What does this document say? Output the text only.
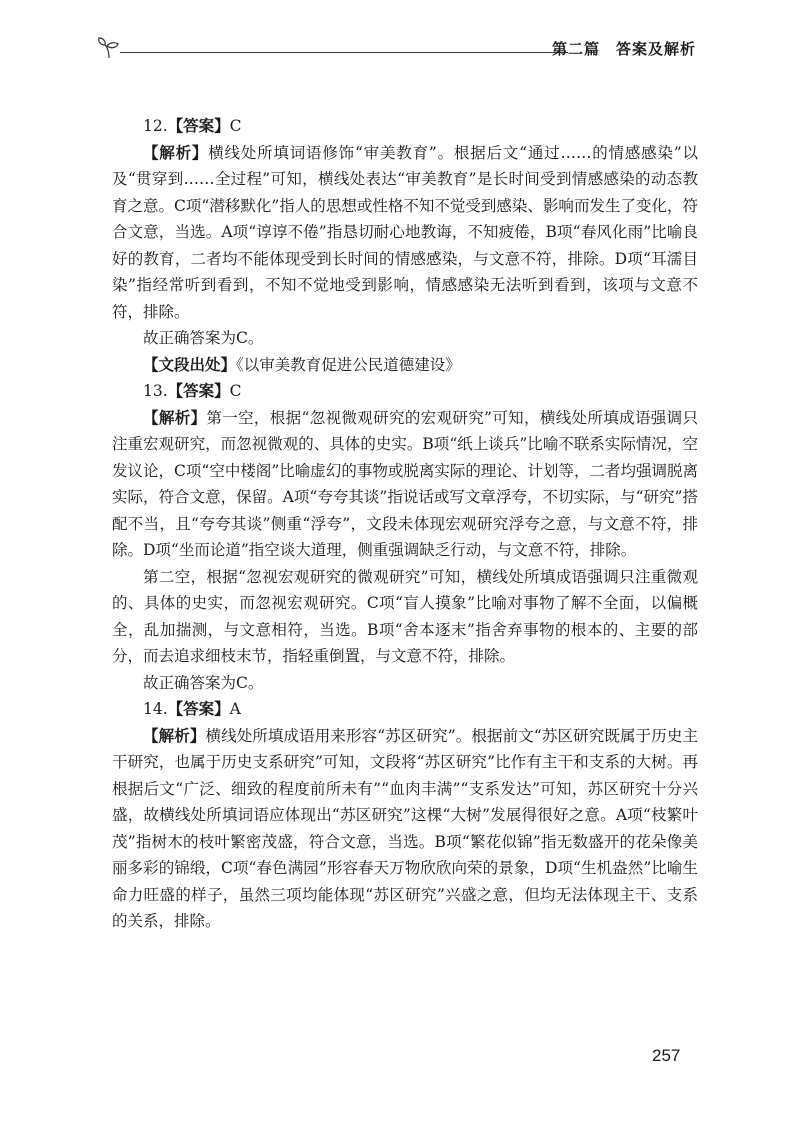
第二篇　答案及解析

12.【答案】C

【解析】横线处所填词语修饰“审美教育”。根据后文“通过……的情感感染”以及“贯穿到……全过程”可知，横线处表达“审美教育”是长时间受到情感感染的动态教育之意。C项“潜移默化”指人的思想或性格不知不觉受到感染、影响而发生了变化，符合文意，当选。A项“谆谆不倦”指恳切耐心地教诲，不知疲倦，B项“春风化雨”比喻良好的教育，二者均不能体现受到长时间的情感感染，与文意不符，排除。D项“耳濡目染”指经常听到看到，不知不觉地受到影响，情感感染无法听到看到，该项与文意不符，排除。

故正确答案为C。

【文段出处】《以审美教育促进公民道德建设》

13.【答案】C

【解析】第一空，根据“忽视微观研究的宏观研究”可知，横线处所填成语强调只注重宏观研究，而忽视微观的、具体的史实。B项“纸上谈兵”比喻不联系实际情况，空发议论，C项“空中楼阁”比喻虚幻的事物或脱离实际的理论、计划等，二者均强调脱离实际，符合文意，保留。A项“夸夸其谈”指说话或写文章浮夸，不切实际，与“研究”搭配不当，且“夸夸其谈”侧重“浮夸”，文段未体现宏观研究浮夸之意，与文意不符，排除。D项“坐而论道”指空谈大道理，侧重强调缺乏行动，与文意不符，排除。

第二空，根据“忽视宏观研究的微观研究”可知，横线处所填成语强调只注重微观的、具体的史实，而忽视宏观研究。C项“盲人摸象”比喻对事物了解不全面，以偏概全，乱加揣测，与文意相符，当选。B项“舍本逐末”指舍弃事物的根本的、主要的部分，而去追求细枝末节，指轻重倒置，与文意不符，排除。

故正确答案为C。

14.【答案】A

【解析】横线处所填成语用来形容“苏区研究”。根据前文“苏区研究既属于历史主干研究，也属于历史支系研究”可知，文段将“苏区研究”比作有主干和支系的大树。再根据后文“广泛、细致的程度前所未有”“血肉丰满”“支系发达”可知，苏区研究十分兴盛，故横线处所填词语应体现出“苏区研究”这棵“大树”发展得很好之意。A项“枝繁叶茂”指树木的枝叶繁密茂盛，符合文意，当选。B项“繁花似锦”指无数盛开的花朵像美丽多彩的锦缎，C项“春色满园”形容春天万物欣欣向荣的景象，D项“生机盎然”比喻生命力旺盛的样子，虽然三项均能体现“苏区研究”兴盛之意，但均无法体现主干、支系的关系，排除。

257
